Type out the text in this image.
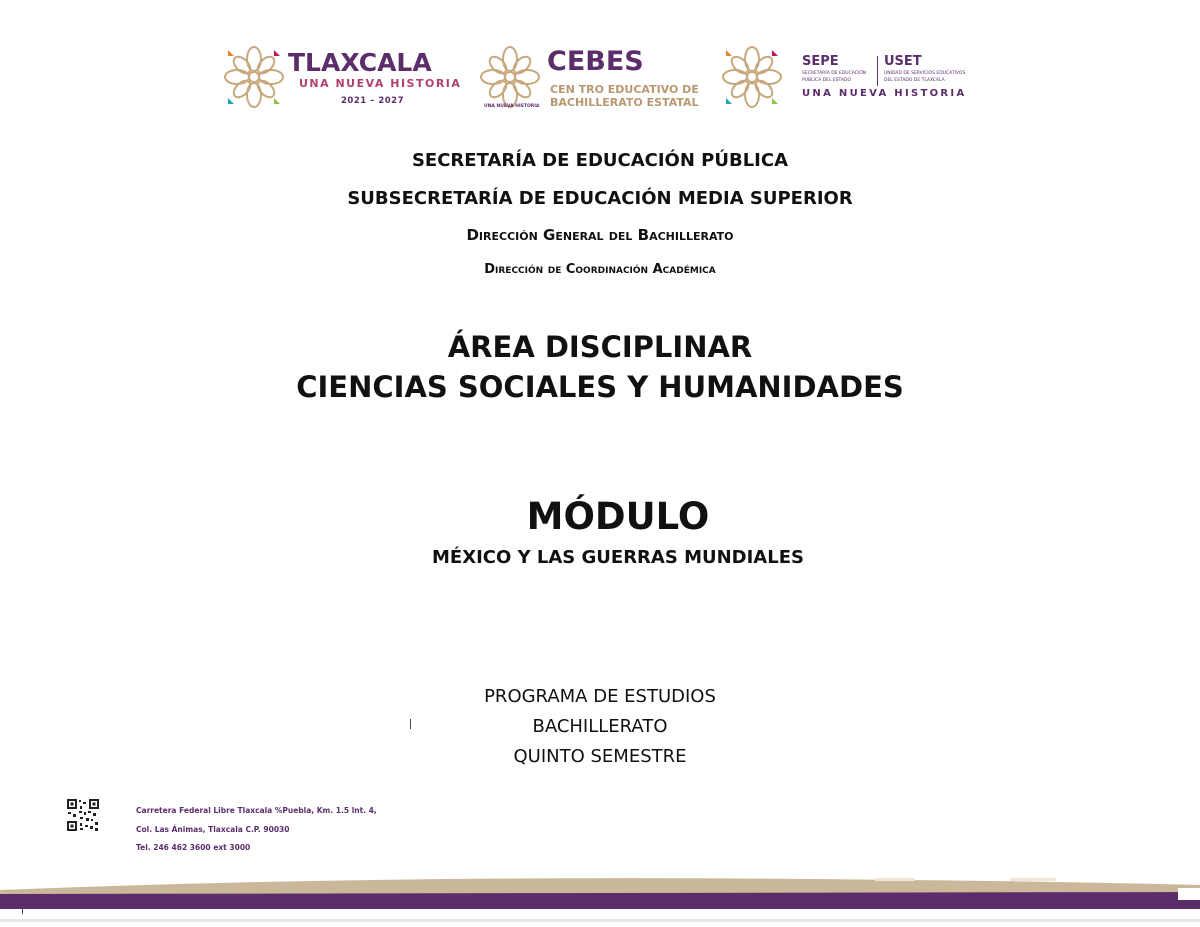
TLAXCALA
UNA NUEVA HISTORIA
2021 – 2027
CEBES
CEN TRO EDUCATIVO DE
BACHILLERATO ESTATAL
UNA NUEVA HISTORIA
SEPE
SECRETARÍA DE EDUCACIÓN
PÚBLICA DEL ESTADO
USET
UNIDAD DE SERVICIOS EDUCATIVOS
DEL ESTADO DE TLAXCALA
UNA NUEVA HISTORIA
SECRETARÍA DE EDUCACIÓN PÚBLICA
SUBSECRETARÍA DE EDUCACIÓN MEDIA SUPERIOR
Dirección General del Bachillerato
Dirección de Coordinación Académica
ÁREA DISCIPLINAR
CIENCIAS SOCIALES Y HUMANIDADES
MÓDULO
MÉXICO Y LAS GUERRAS MUNDIALES
PROGRAMA DE ESTUDIOS
BACHILLERATO
QUINTO SEMESTRE
Carretera Federal Libre Tlaxcala %Puebla, Km. 1.5 lnt. 4,
Col. Las Ánimas, Tlaxcala C.P. 90030
Tel. 246 462 3600 ext 3000
